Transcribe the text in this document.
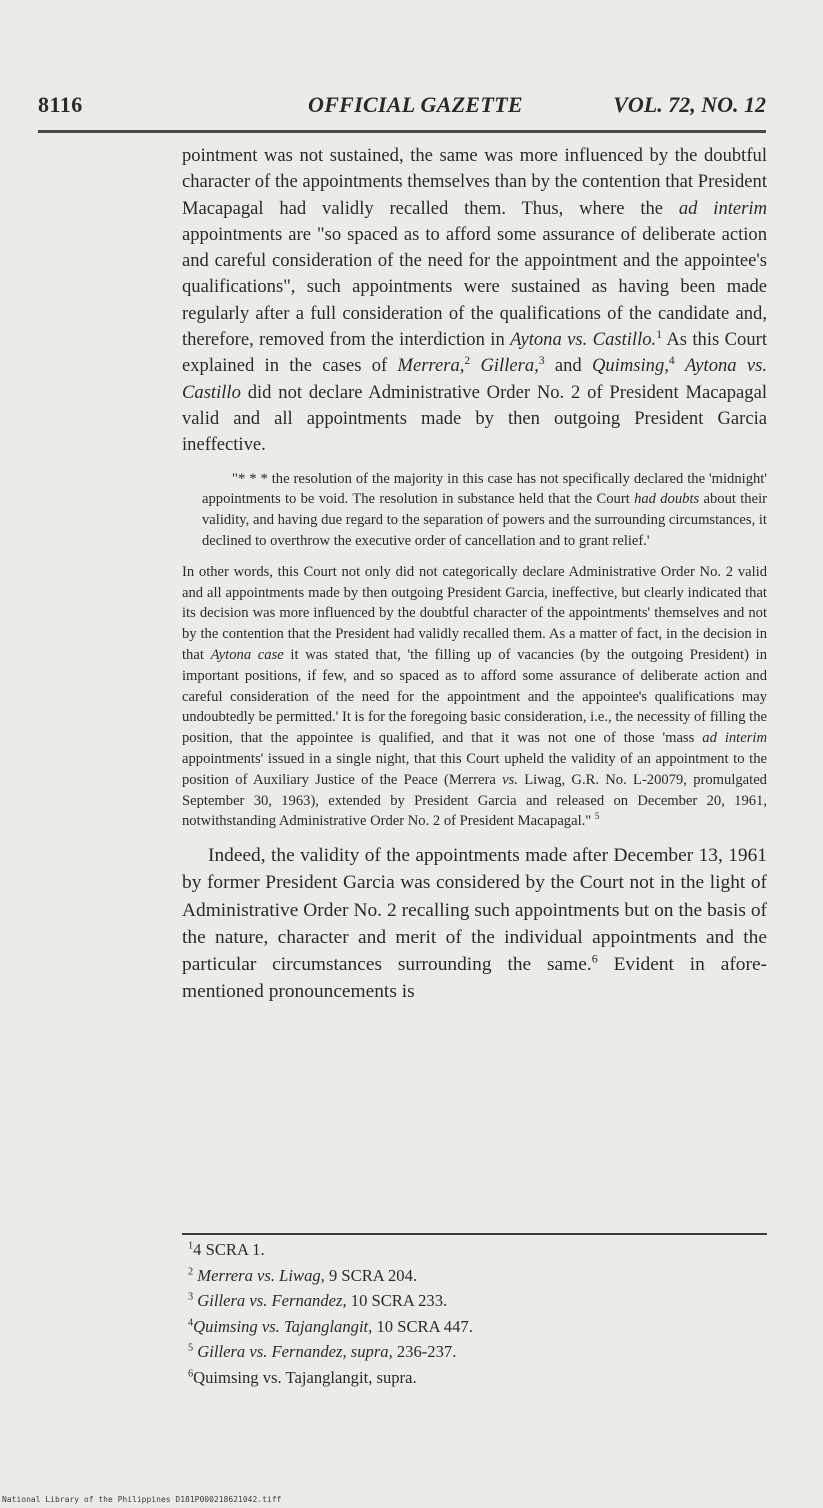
8116	OFFICIAL GAZETTE	VOL. 72, NO. 12

pointment was not sustained, the same was more influenced by the doubtful character of the appointments themselves than by the contention that President Macapagal had validly recalled them. Thus, where the ad interim appointments are "so spaced as to afford some assurance of deliberate action and careful consideration of the need for the appointment and the appointee's qualifications", such appointments were sustained as having been made regularly after a full consideration of the qualifications of the candidate and, therefore, removed from the interdiction in Aytona vs. Castillo.$^1$ As this Court explained in the cases of Merrera,$^2$ Gillera,$^3$ and Quimsing,$^4$ Aytona vs. Castillo did not declare Administrative Order No. 2 of President Macapagal valid and all appointments made by then outgoing President Garcia ineffective.

"* * * the resolution of the majority in this case has not specifically declared the 'midnight' appointments to be void. The resolution in substance held that the Court had doubts about their validity, and having due regard to the separation of powers and the surrounding circumstances, it declined to overthrow the executive order of cancellation and to grant relief.'

In other words, this Court not only did not categorically declare Administrative Order No. 2 valid and all appointments made by then outgoing President Garcia, ineffective, but clearly indicated that its decision was more influenced by the doubtful character of the appointments' themselves and not by the contention that the President had validly recalled them. As a matter of fact, in the decision in that Aytona case it was stated that, 'the filling up of vacancies (by the outgoing President) in important positions, if few, and so spaced as to afford some assurance of deliberate action and careful consideration of the need for the appointment and the appointee's qualifications may undoubtedly be permitted.' It is for the foregoing basic consideration, i.e., the necessity of filling the position, that the appointee is qualified, and that it was not one of those 'mass ad interim appointments' issued in a single night, that this Court upheld the validity of an appointment to the position of Auxiliary Justice of the Peace (Merrera vs. Liwag, G.R. No. L-20079, promulgated September 30, 1963), extended by President Garcia and released on December 20, 1961, notwithstanding Administrative Order No. 2 of President Macapagal." $^5$

Indeed, the validity of the appointments made after December 13, 1961 by former President Garcia was considered by the Court not in the light of Administrative Order No. 2 recalling such appointments but on the basis of the nature, character and merit of the individual appointments and the particular circumstances surrounding the same.$^6$ Evident in afore-mentioned pronouncements is

$^1$4 SCRA 1.

$^2$ Merrera vs. Liwag, 9 SCRA 204.

$^3$ Gillera vs. Fernandez, 10 SCRA 233.

$^4$Quimsing vs. Tajanglangit, 10 SCRA 447.

$^5$ Gillera vs. Fernandez, supra, 236-237.

$^6$Quimsing vs. Tajanglangit, supra.

National Library of the Philippines D181P000218621042.tiff
